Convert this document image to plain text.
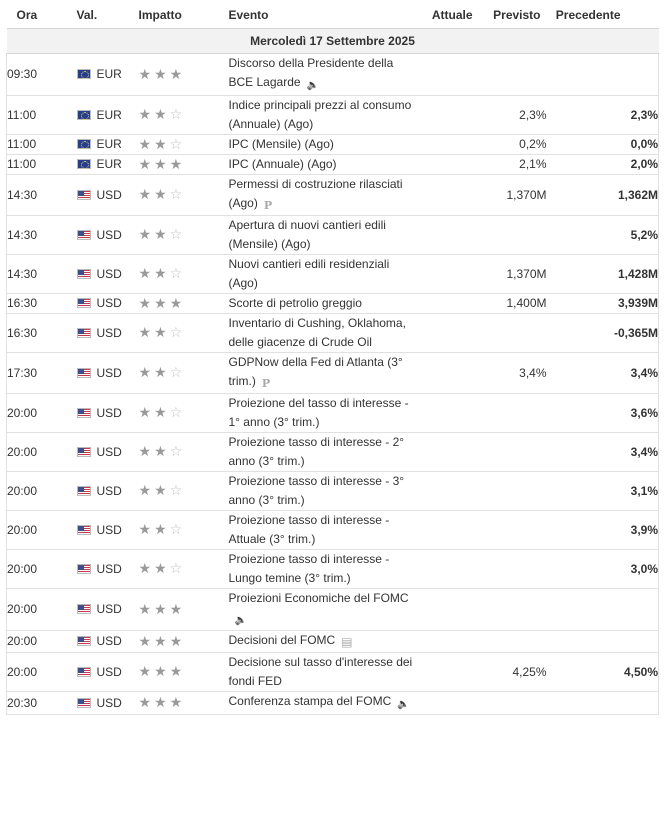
Ora	Val.	Impatto	Evento	Attuale	Previsto	Precedente
Mercoledì 17 Settembre 2025						
09:30	EUR	★★★	Discorso della Presidente della BCE Lagarde 🔈			
11:00	EUR	★★☆	Indice principali prezzi al consumo (Annuale) (Ago)		2,3%	2,3%
11:00	EUR	★★☆	IPC (Mensile) (Ago)		0,2%	0,0%
11:00	EUR	★★★	IPC (Annuale) (Ago)		2,1%	2,0%
14:30	USD	★★☆	Permessi di costruzione rilasciati (Ago) P		1,370M	1,362M
14:30	USD	★★☆	Apertura di nuovi cantieri edili (Mensile) (Ago)			5,2%
14:30	USD	★★☆	Nuovi cantieri edili residenziali (Ago)		1,370M	1,428M
16:30	USD	★★★	Scorte di petrolio greggio		1,400M	3,939M
16:30	USD	★★☆	Inventario di Cushing, Oklahoma, delle giacenze di Crude Oil			-0,365M
17:30	USD	★★☆	GDPNow della Fed di Atlanta (3° trim.) P		3,4%	3,4%
20:00	USD	★★☆	Proiezione del tasso di interesse - 1° anno (3° trim.)			3,6%
20:00	USD	★★☆	Proiezione tasso di interesse - 2° anno (3° trim.)			3,4%
20:00	USD	★★☆	Proiezione tasso di interesse - 3° anno (3° trim.)			3,1%
20:00	USD	★★☆	Proiezione tasso di interesse - Attuale (3° trim.)			3,9%
20:00	USD	★★☆	Proiezione tasso di interesse - Lungo temine (3° trim.)			3,0%
20:00	USD	★★★	Proiezioni Economiche del FOMC🔈			
20:00	USD	★★★	Decisioni del FOMC ▤			
20:00	USD	★★★	Decisione sul tasso d'interesse dei fondi FED		4,25%	4,50%
20:30	USD	★★★	Conferenza stampa del FOMC 🔈			
